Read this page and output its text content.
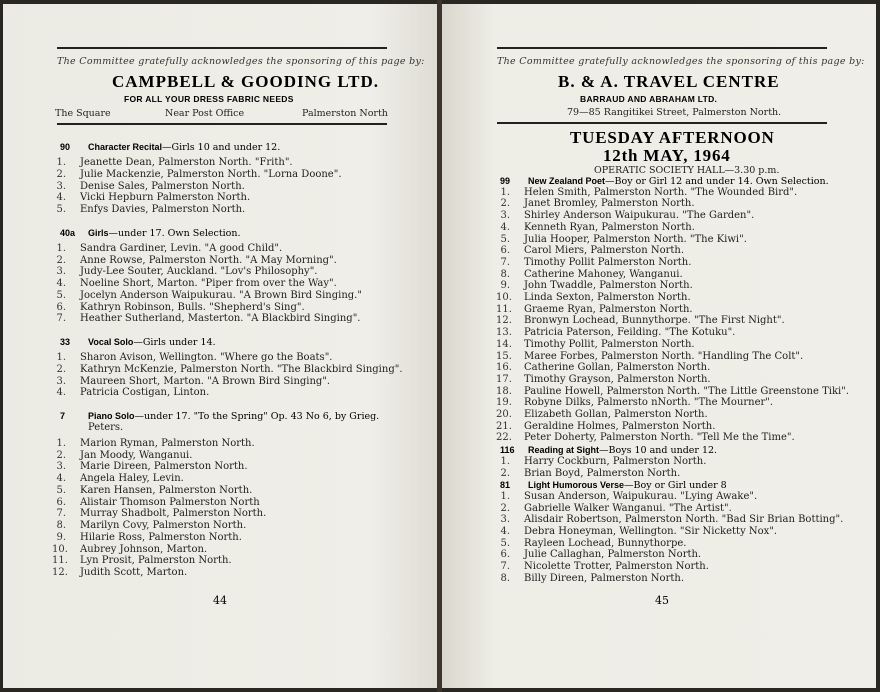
The Committee gratefully acknowledges the sponsoring of this page by:
CAMPBELL & GOODING LTD.
FOR ALL YOUR DRESS FABRIC NEEDS
The Square	Near Post Office	Palmerston North
90 Character Recital—Girls 10 and under 12.
1. Jeanette Dean, Palmerston North. "Frith".
2. Julie Mackenzie, Palmerston North. "Lorna Doone".
3. Denise Sales, Palmerston North.
4. Vicki Hepburn Palmerston North.
5. Enfys Davies, Palmerston North.
40a Girls—under 17. Own Selection.
1. Sandra Gardiner, Levin. "A good Child".
2. Anne Rowse, Palmerston North. "A May Morning".
3. Judy-Lee Souter, Auckland. "Lov's Philosophy".
4. Noeline Short, Marton. "Piper from over the Way".
5. Jocelyn Anderson Waipukurau. "A Brown Bird Singing."
6. Kathryn Robinson, Bulls. "Shepherd's Sing".
7. Heather Sutherland, Masterton. "A Blackbird Singing".
33 Vocal Solo—Girls under 14.
1. Sharon Avison, Wellington. "Where go the Boats".
2. Kathryn McKenzie, Palmerston North. "The Blackbird Singing".
3. Maureen Short, Marton. "A Brown Bird Singing".
4. Patricia Costigan, Linton.
7	Piano Solo—under 17. "To the Spring" Op. 43 No 6, by Grieg.
Peters.
1. Marion Ryman, Palmerston North.
2. Jan Moody, Wanganui.
3. Marie Direen, Palmerston North.
4. Angela Haley, Levin.
5. Karen Hansen, Palmerston North.
6. Alistair Thomson Palmerston North
7. Murray Shadbolt, Palmerston North.
8. Marilyn Covy, Palmerston North.
9. Hilarie Ross, Palmerston North.
10. Aubrey Johnson, Marton.
11. Lyn Prosit, Palmerston North.
12. Judith Scott, Marton.
44
The Committee gratefully acknowledges the sponsoring of this page by:
B. & A. TRAVEL CENTRE
BARRAUD AND ABRAHAM LTD.
79—85 Rangitikei Street, Palmerston North.
TUESDAY AFTERNOON
12th MAY, 1964
OPERATIC SOCIETY HALL—3.30 p.m.
99 New Zealand Poet—Boy or Girl 12 and under 14. Own Selection.
1. Helen Smith, Palmerston North. "The Wounded Bird".
2. Janet Bromley, Palmerston North.
3. Shirley Anderson Waipukurau. "The Garden".
4. Kenneth Ryan, Palmerston North.
5. Julia Hooper, Palmerston North. "The Kiwi".
6. Carol Miers, Palmerston North.
7. Timothy Pollit Palmerston North.
8. Catherine Mahoney, Wanganui.
9. John Twaddle, Palmerston North.
10. Linda Sexton, Palmerston North.
11. Graeme Ryan, Palmerston North.
12. Bronwyn Lochead, Bunnythorpe. "The First Night".
13. Patricia Paterson, Feilding. "The Kotuku".
14. Timothy Pollit, Palmerston North.
15. Maree Forbes, Palmerston North. "Handling The Colt".
16. Catherine Gollan, Palmerston North.
17. Timothy Grayson, Palmerston North.
18. Pauline Howell, Palmerston North. "The Little Greenstone Tiki".
19. Robyne Dilks, Palmersto nNorth. "The Mourner".
20. Elizabeth Gollan, Palmerston North.
21. Geraldine Holmes, Palmerston North.
22. Peter Doherty, Palmerston North. "Tell Me the Time".
116 Reading at Sight—Boys 10 and under 12.
1. Harry Cockburn, Palmerston North.
2. Brian Boyd, Palmerston North.
81 Light Humorous Verse—Boy or Girl under 8
1. Susan Anderson, Waipukurau. "Lying Awake".
2. Gabrielle Walker Wanganui. "The Artist".
3. Alisdair Robertson, Palmerston North. "Bad Sir Brian Botting".
4. Debra Honeyman, Wellington. "Sir Nicketty Nox".
5. Rayleen Lochead, Bunnythorpe.
6. Julie Callaghan, Palmerston North.
7. Nicolette Trotter, Palmerston North.
8. Billy Direen, Palmerston North.
45
